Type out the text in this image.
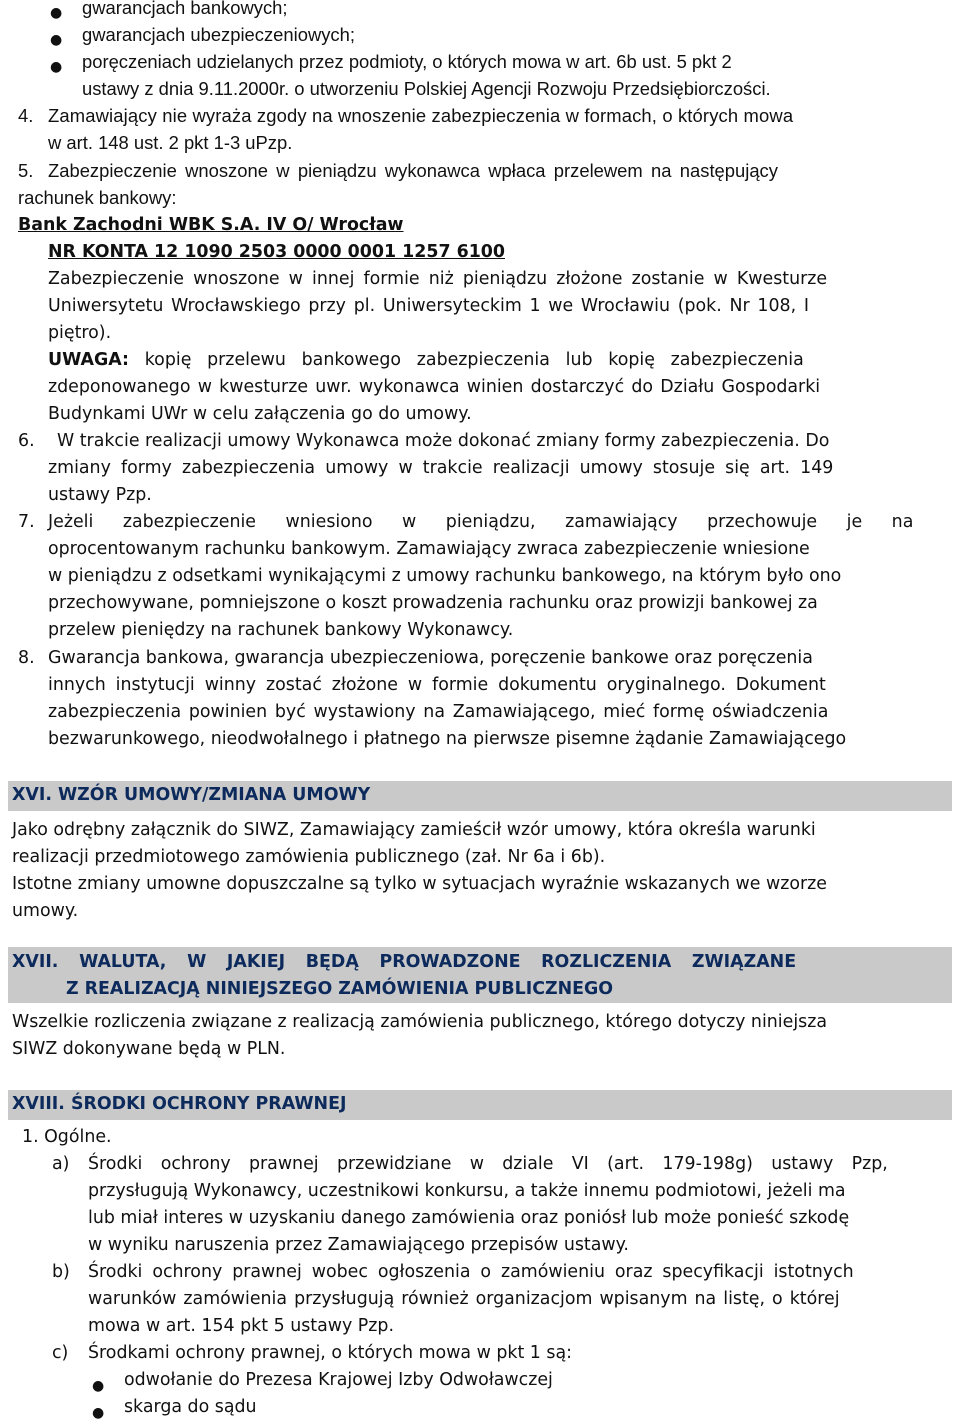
● gwarancjach bankowych;
● gwarancjach ubezpieczeniowych;
● poręczeniach udzielanych przez podmioty, o których mowa w art. 6b ust. 5 pkt 2
ustawy z dnia 9.11.2000r. o utworzeniu Polskiej Agencji Rozwoju Przedsiębiorczości.
4. Zamawiający nie wyraża zgody na wnoszenie zabezpieczenia w formach, o których mowa
w art. 148 ust. 2 pkt 1-3 uPzp.
5. Zabezpieczenie wnoszone w pieniądzu wykonawca wpłaca przelewem na następujący
rachunek bankowy:
Bank Zachodni WBK S.A. IV O/ Wrocław
NR KONTA 12 1090 2503 0000 0001 1257 6100
Zabezpieczenie wnoszone w innej formie niż pieniądzu złożone zostanie w Kwesturze
Uniwersytetu Wrocławskiego przy pl. Uniwersyteckim 1 we Wrocławiu (pok. Nr 108, I
piętro).
UWAGA: kopię przelewu bankowego zabezpieczenia lub kopię zabezpieczenia
zdeponowanego w kwesturze uwr. wykonawca winien dostarczyć do Działu Gospodarki
Budynkami UWr w celu załączenia go do umowy.
6. W trakcie realizacji umowy Wykonawca może dokonać zmiany formy zabezpieczenia. Do
zmiany formy zabezpieczenia umowy w trakcie realizacji umowy stosuje się art. 149
ustawy Pzp.
7. Jeżeli zabezpieczenie wniesiono w pieniądzu, zamawiający przechowuje je na
oprocentowanym rachunku bankowym. Zamawiający zwraca zabezpieczenie wniesione
w pieniądzu z odsetkami wynikającymi z umowy rachunku bankowego, na którym było ono
przechowywane, pomniejszone o koszt prowadzenia rachunku oraz prowizji bankowej za
przelew pieniędzy na rachunek bankowy Wykonawcy.
8. Gwarancja bankowa, gwarancja ubezpieczeniowa, poręczenie bankowe oraz poręczenia
innych instytucji winny zostać złożone w formie dokumentu oryginalnego. Dokument
zabezpieczenia powinien być wystawiony na Zamawiającego, mieć formę oświadczenia
bezwarunkowego, nieodwołalnego i płatnego na pierwsze pisemne żądanie Zamawiającego
XVI. WZÓR UMOWY/ZMIANA UMOWY
Jako odrębny załącznik do SIWZ, Zamawiający zamieścił wzór umowy, która określa warunki
realizacji przedmiotowego zamówienia publicznego (zał. Nr 6a i 6b).
Istotne zmiany umowne dopuszczalne są tylko w sytuacjach wyraźnie wskazanych we wzorze
umowy.
XVII. WALUTA, W JAKIEJ BĘDĄ PROWADZONE ROZLICZENIA ZWIĄZANE
Z REALIZACJĄ NINIEJSZEGO ZAMÓWIENIA PUBLICZNEGO
Wszelkie rozliczenia związane z realizacją zamówienia publicznego, którego dotyczy niniejsza
SIWZ dokonywane będą w PLN.
XVIII. ŚRODKI OCHRONY PRAWNEJ
1. Ogólne.
a) Środki ochrony prawnej przewidziane w dziale VI (art. 179-198g) ustawy Pzp,
przysługują Wykonawcy, uczestnikowi konkursu, a także innemu podmiotowi, jeżeli ma
lub miał interes w uzyskaniu danego zamówienia oraz poniósł lub może ponieść szkodę
w wyniku naruszenia przez Zamawiającego przepisów ustawy.
b) Środki ochrony prawnej wobec ogłoszenia o zamówieniu oraz specyfikacji istotnych
warunków zamówienia przysługują również organizacjom wpisanym na listę, o której
mowa w art. 154 pkt 5 ustawy Pzp.
c) Środkami ochrony prawnej, o których mowa w pkt 1 są:
● odwołanie do Prezesa Krajowej Izby Odwoławczej
● skarga do sądu
